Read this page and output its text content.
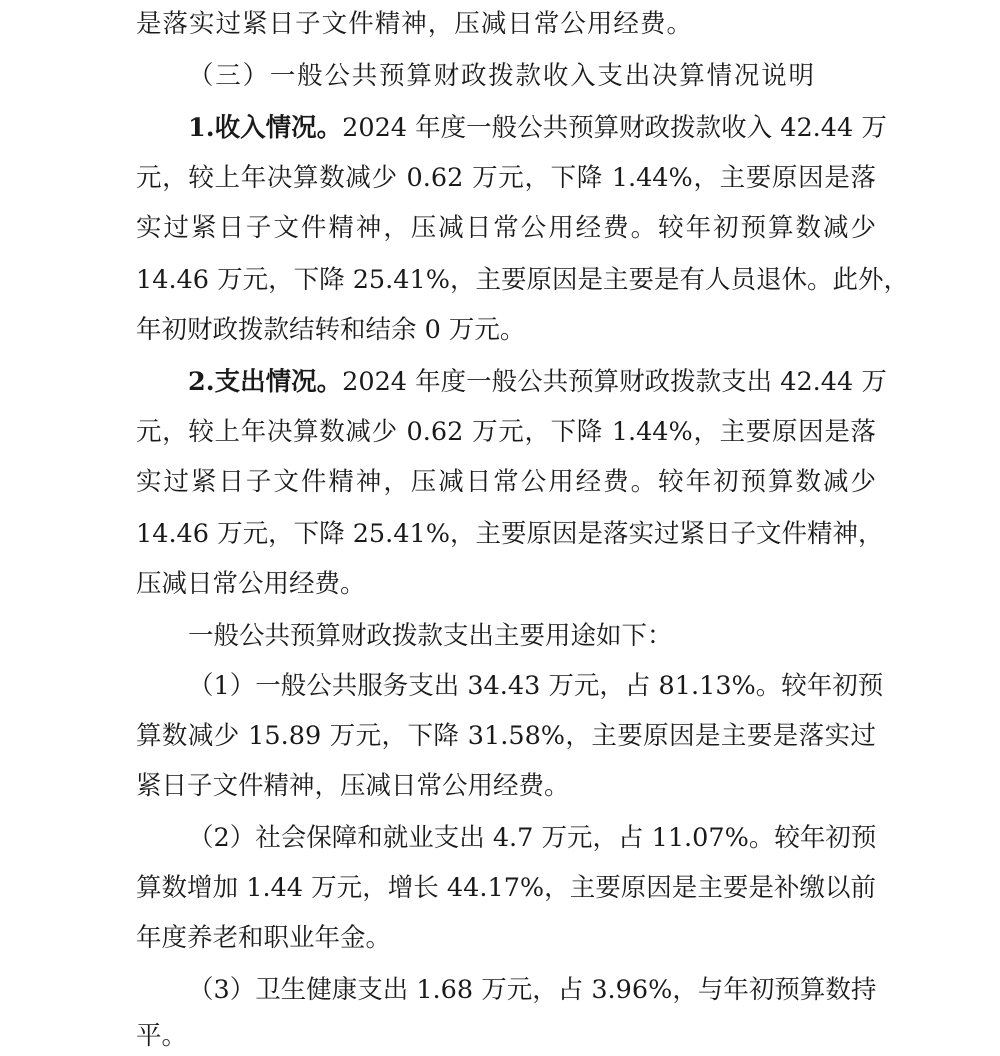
是落实过紧日子文件精神，压减日常公用经费。
（三）一般公共预算财政拨款收入支出决算情况说明
1.收入情况。2024 年度一般公共预算财政拨款收入 42.44 万
元，较上年决算数减少 0.62 万元，下降 1.44%，主要原因是落
实过紧日子文件精神，压减日常公用经费。较年初预算数减少
14.46 万元，下降 25.41%，主要原因是主要是有人员退休。此外，
年初财政拨款结转和结余 0 万元。
2.支出情况。2024 年度一般公共预算财政拨款支出 42.44 万
元，较上年决算数减少 0.62 万元，下降 1.44%，主要原因是落
实过紧日子文件精神，压减日常公用经费。较年初预算数减少
14.46 万元，下降 25.41%，主要原因是落实过紧日子文件精神，
压减日常公用经费。
一般公共预算财政拨款支出主要用途如下：
（1）一般公共服务支出 34.43 万元，占 81.13%。较年初预
算数减少 15.89 万元，下降 31.58%，主要原因是主要是落实过
紧日子文件精神，压减日常公用经费。
（2）社会保障和就业支出 4.7 万元，占 11.07%。较年初预
算数增加 1.44 万元，增长 44.17%，主要原因是主要是补缴以前
年度养老和职业年金。
（3）卫生健康支出 1.68 万元，占 3.96%，与年初预算数持
平。
